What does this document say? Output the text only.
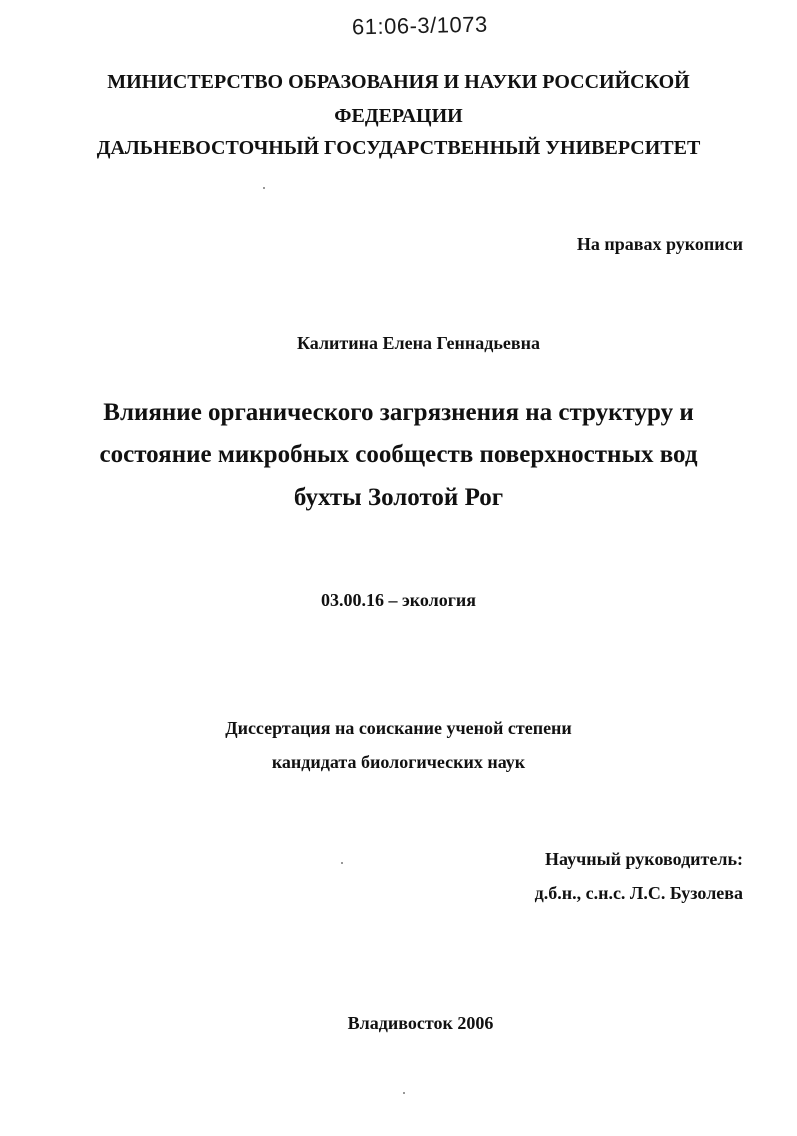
61:06-3/1073
МИНИСТЕРСТВО ОБРАЗОВАНИЯ И НАУКИ РОССИЙСКОЙ
ФЕДЕРАЦИИ
ДАЛЬНЕВОСТОЧНЫЙ ГОСУДАРСТВЕННЫЙ УНИВЕРСИТЕТ
На правах рукописи
Калитина Елена Геннадьевна
Влияние органического загрязнения на структуру и
состояние микробных сообществ поверхностных вод
бухты Золотой Рог
03.00.16 – экология
Диссертация на соискание ученой степени
кандидата биологических наук
Научный руководитель:
д.б.н., с.н.с. Л.С. Бузолева
Владивосток 2006
